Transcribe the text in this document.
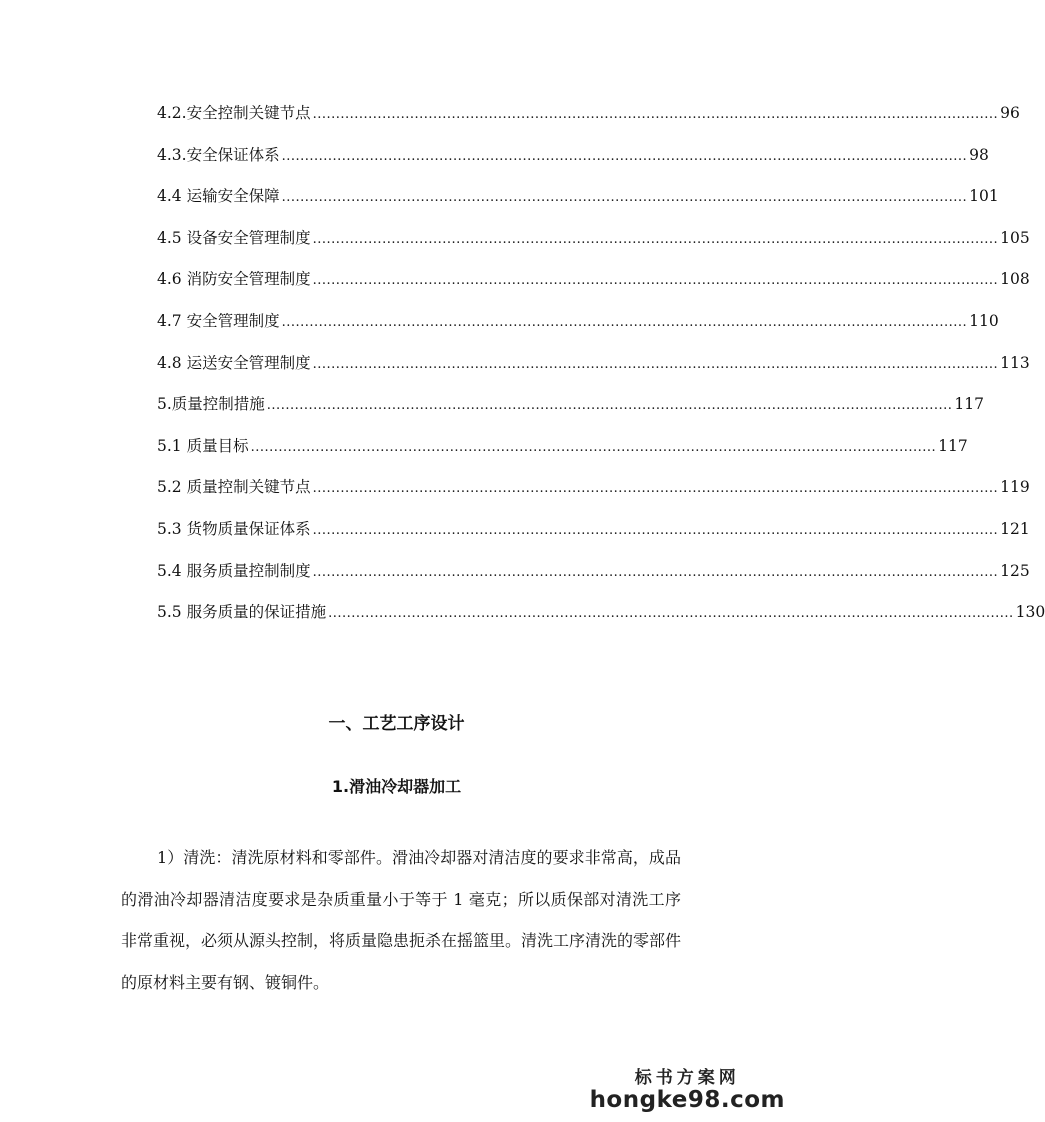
4.2.安全控制关键节点 .................................................................................................................................................... 96
4.3.安全保证体系 .................................................................................................................................................... 98
4.4 运输安全保障 .................................................................................................................................................... 101
4.5 设备安全管理制度 .................................................................................................................................................... 105
4.6 消防安全管理制度 .................................................................................................................................................... 108
4.7 安全管理制度 .................................................................................................................................................... 110
4.8 运送安全管理制度 .................................................................................................................................................... 113
5.质量控制措施 .................................................................................................................................................... 117
5.1 质量目标 .................................................................................................................................................... 117
5.2 质量控制关键节点 .................................................................................................................................................... 119
5.3 货物质量保证体系 .................................................................................................................................................... 121
5.4 服务质量控制制度 .................................................................................................................................................... 125
5.5 服务质量的保证措施 .................................................................................................................................................... 130
一、工艺工序设计
1.滑油冷却器加工

1）清洗：清洗原材料和零部件。滑油冷却器对清洁度的要求非常高，成品的滑油冷却器清洁度要求是杂质重量小于等于 1 毫克；所以质保部对清洗工序非常重视，必须从源头控制，将质量隐患扼杀在摇篮里。清洗工序清洗的零部件的原材料主要有钢、镀铜件。

标书方案网
hongke98.com
